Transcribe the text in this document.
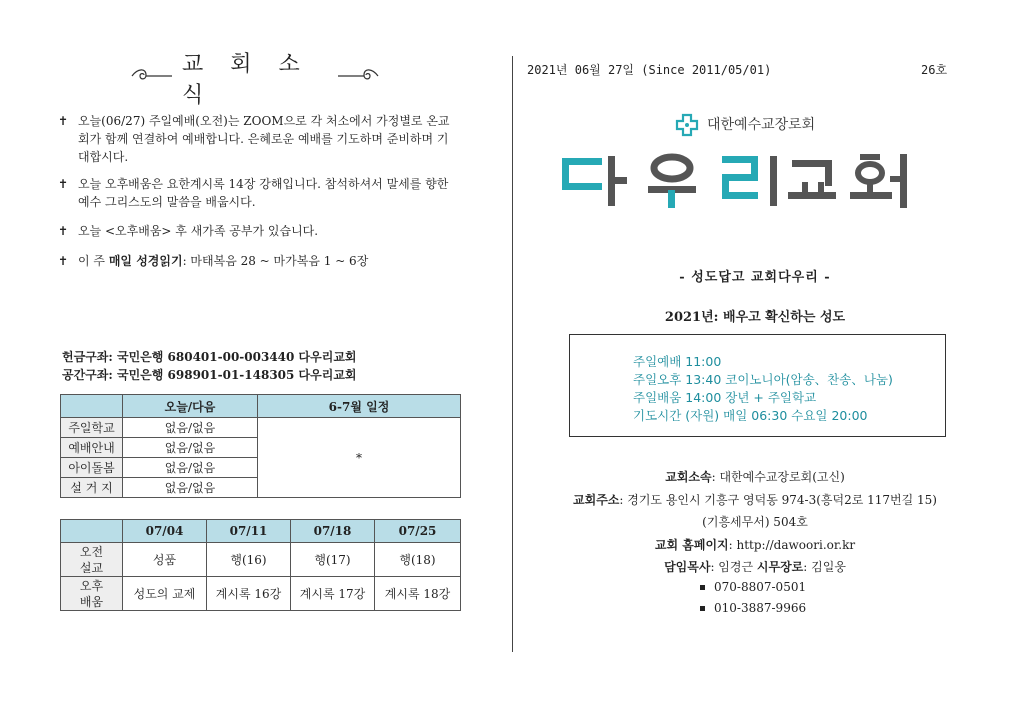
교 회 소 식
✝ 오늘(06/27) 주일예배(오전)는 ZOOM으로 각 처소에서 가정별로 온교회가 함께 연결하여 예배합니다. 은혜로운 예배를 기도하며 준비하며 기대합시다.
✝ 오늘 오후배움은 요한계시록 14장 강해입니다. 참석하셔서 말세를 향한 예수 그리스도의 말씀을 배웁시다.
✝ 오늘 <오후배움> 후 새가족 공부가 있습니다.
✝ 이 주 매일 성경읽기: 마태복음 28 ~ 마가복음 1 ~ 6장
헌금구좌: 국민은행 680401-00-003440 다우리교회
공간구좌: 국민은행 698901-01-148305 다우리교회
	오늘/다음	6-7월 일정
주일학교	없음/없음	*
예배안내	없음/없음	
아이돌봄	없음/없음	
설 거 지	없음/없음	
	07/04	07/11	07/18	07/25
오전
설교	성품	행(16)	행(17)	행(18)
오후
배움	성도의 교제	계시록 16강	계시록 17강	계시록 18강
2021년 06월 27일 (Since 2011/05/01)	26호
대한예수교장로회
- 성도답고 교회다우리 -
2021년: 배우고 확신하는 성도
주일예배 11:00
주일오후 13:40 코이노니아(암송、찬송、나눔)
주일배움 14:00 장년 + 주일학교
기도시간 (자원) 매일 06:30 수요일 20:00
교회소속: 대한예수교장로회(고신)
교회주소: 경기도 용인시 기흥구 영덕동 974-3(흥덕2로 117번길 15)
(기흥세무서) 504호
교회 홈페이지: http://dawoori.or.kr
담임목사: 임경근 시무장로: 김일웅
070-8807-0501
010-3887-9966
